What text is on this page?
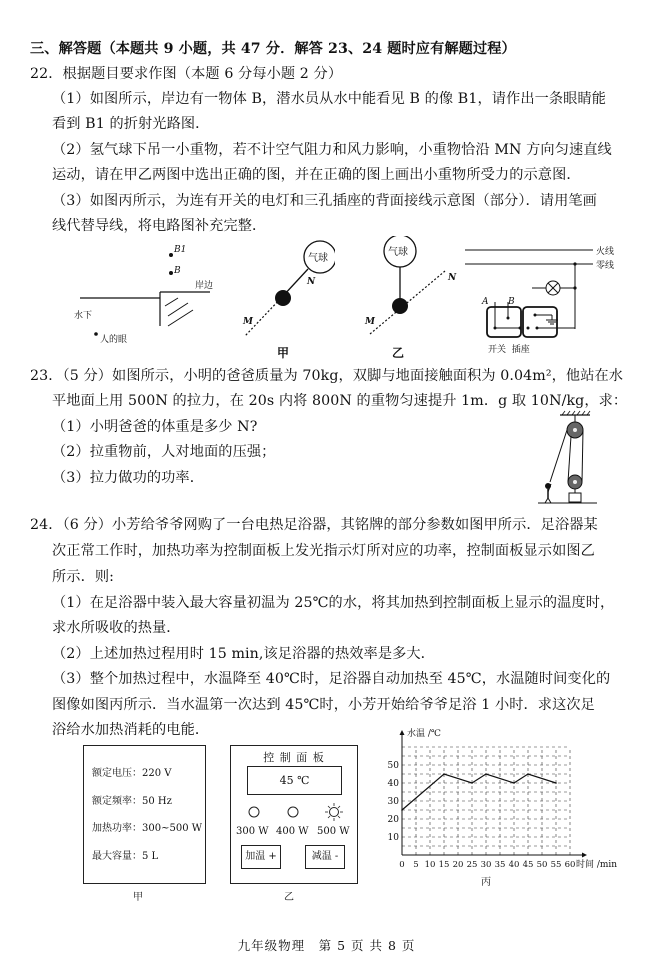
三、解答题（本题共 9 小题，共 47 分．解答 23、24 题时应有解题过程）
22．根据题目要求作图（本题 6 分每小题 2 分）
（1）如图所示，岸边有一物体 B，潜水员从水中能看见 B 的像 B1，请作出一条眼睛能
看到 B1 的折射光路图．
（2）氢气球下吊一小重物，若不计空气阻力和风力影响，小重物恰沿 MN 方向匀速直线
运动，请在甲乙两图中选出正确的图，并在正确的图上画出小重物所受力的示意图．
（3）如图丙所示，为连有开关的电灯和三孔插座的背面接线示意图（部分）．请用笔画
线代替导线，将电路图补充完整．
B1
B
岸边
水下
人的眼
气球
N
M
甲
气球
N
M
乙
火线
零线
A B
开关  插座
23．（5 分）如图所示，小明的爸爸质量为 70kg，双脚与地面接触面积为 0.04m²，他站在水
平地面上用 500N 的拉力，在 20s 内将 800N 的重物匀速提升 1m．g 取 10N/kg，求：
（1）小明爸爸的体重是多少 N?
（2）拉重物前，人对地面的压强；
（3）拉力做功的功率．
24．（6 分）小芳给爷爷网购了一台电热足浴器，其铭牌的部分参数如图甲所示．足浴器某
次正常工作时，加热功率为控制面板上发光指示灯所对应的功率，控制面板显示如图乙
所示．则:
（1）在足浴器中装入最大容量初温为 25℃的水，将其加热到控制面板上显示的温度时，
求水所吸收的热量．
（2）上述加热过程用时 15 min,该足浴器的热效率是多大．
（3）整个加热过程中，水温降至 40℃时，足浴器自动加热至 45℃，水温随时间变化的
图像如图丙所示．当水温第一次达到 45℃时，小芳开始给爷爷足浴 1 小时．求这次足
浴给水加热消耗的电能．
额定电压：220 V
额定频率：50 Hz
加热功率：300~500 W
最大容量：5 L
甲
控 制 面 板
45 ℃
300 W 400 W 500 W
加温 +	减温 -
乙
10
20
30
40
50
0 5 10 15 20 25 30 35 40 45 50 55 60
水温 /℃
时间 /min
丙
九年级物理　第 5 页 共 8 页
